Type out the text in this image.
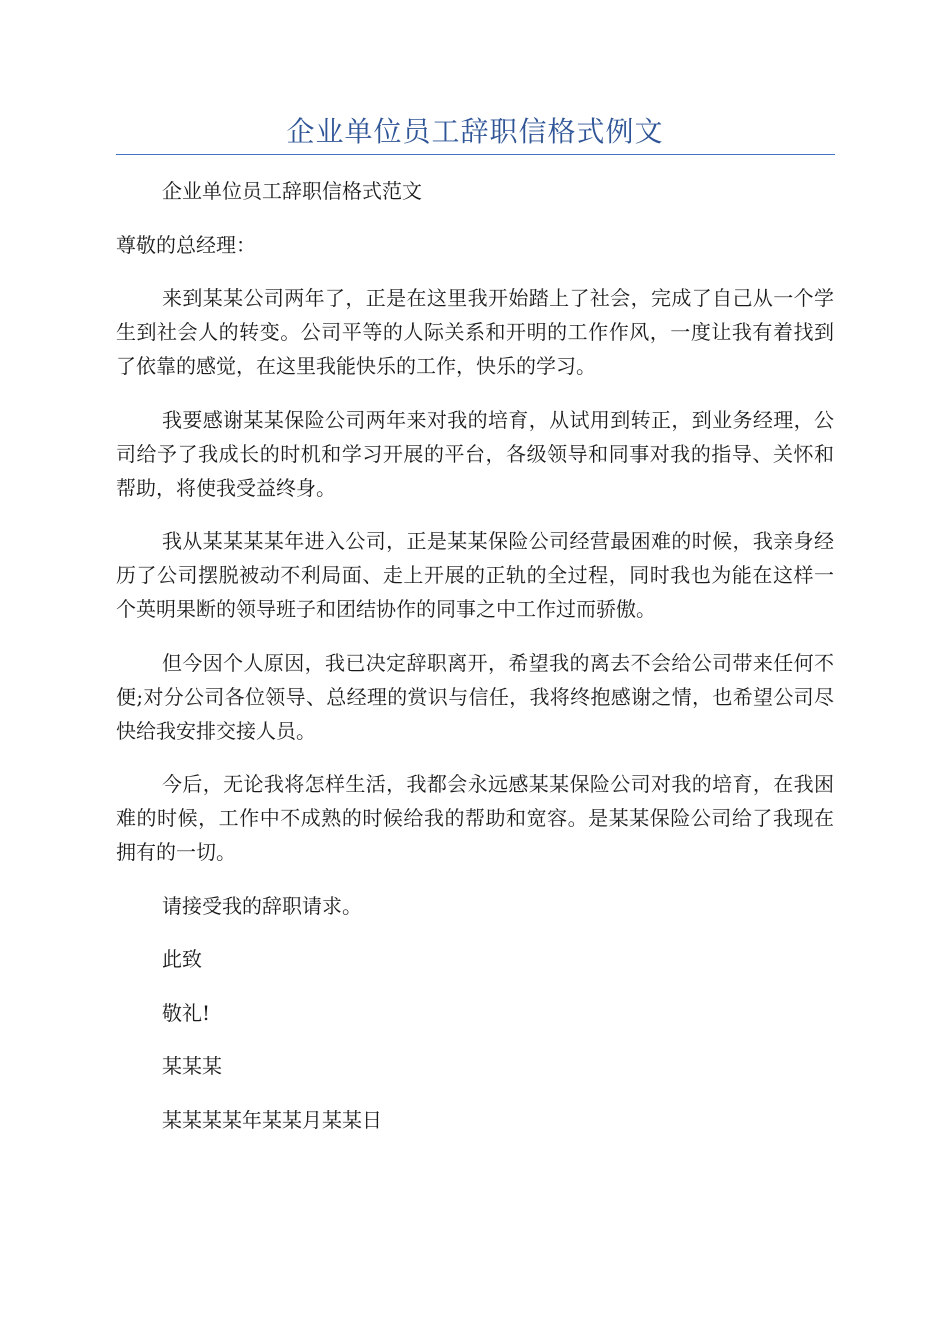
企业单位员工辞职信格式例文

企业单位员工辞职信格式范文

尊敬的总经理：

来到某某公司两年了，正是在这里我开始踏上了社会，完成了自己从一个学生到社会人的转变。公司平等的人际关系和开明的工作作风，一度让我有着找到了依靠的感觉，在这里我能快乐的工作，快乐的学习。

我要感谢某某保险公司两年来对我的培育，从试用到转正，到业务经理，公司给予了我成长的时机和学习开展的平台，各级领导和同事对我的指导、关怀和帮助，将使我受益终身。

我从某某某某年进入公司，正是某某保险公司经营最困难的时候，我亲身经历了公司摆脱被动不利局面、走上开展的正轨的全过程，同时我也为能在这样一个英明果断的领导班子和团结协作的同事之中工作过而骄傲。

但今因个人原因，我已决定辞职离开，希望我的离去不会给公司带来任何不便;对分公司各位领导、总经理的赏识与信任，我将终抱感谢之情，也希望公司尽快给我安排交接人员。

今后，无论我将怎样生活，我都会永远感某某保险公司对我的培育，在我困难的时候，工作中不成熟的时候给我的帮助和宽容。是某某保险公司给了我现在拥有的一切。

请接受我的辞职请求。

此致

敬礼!

某某某

某某某某年某某月某某日
